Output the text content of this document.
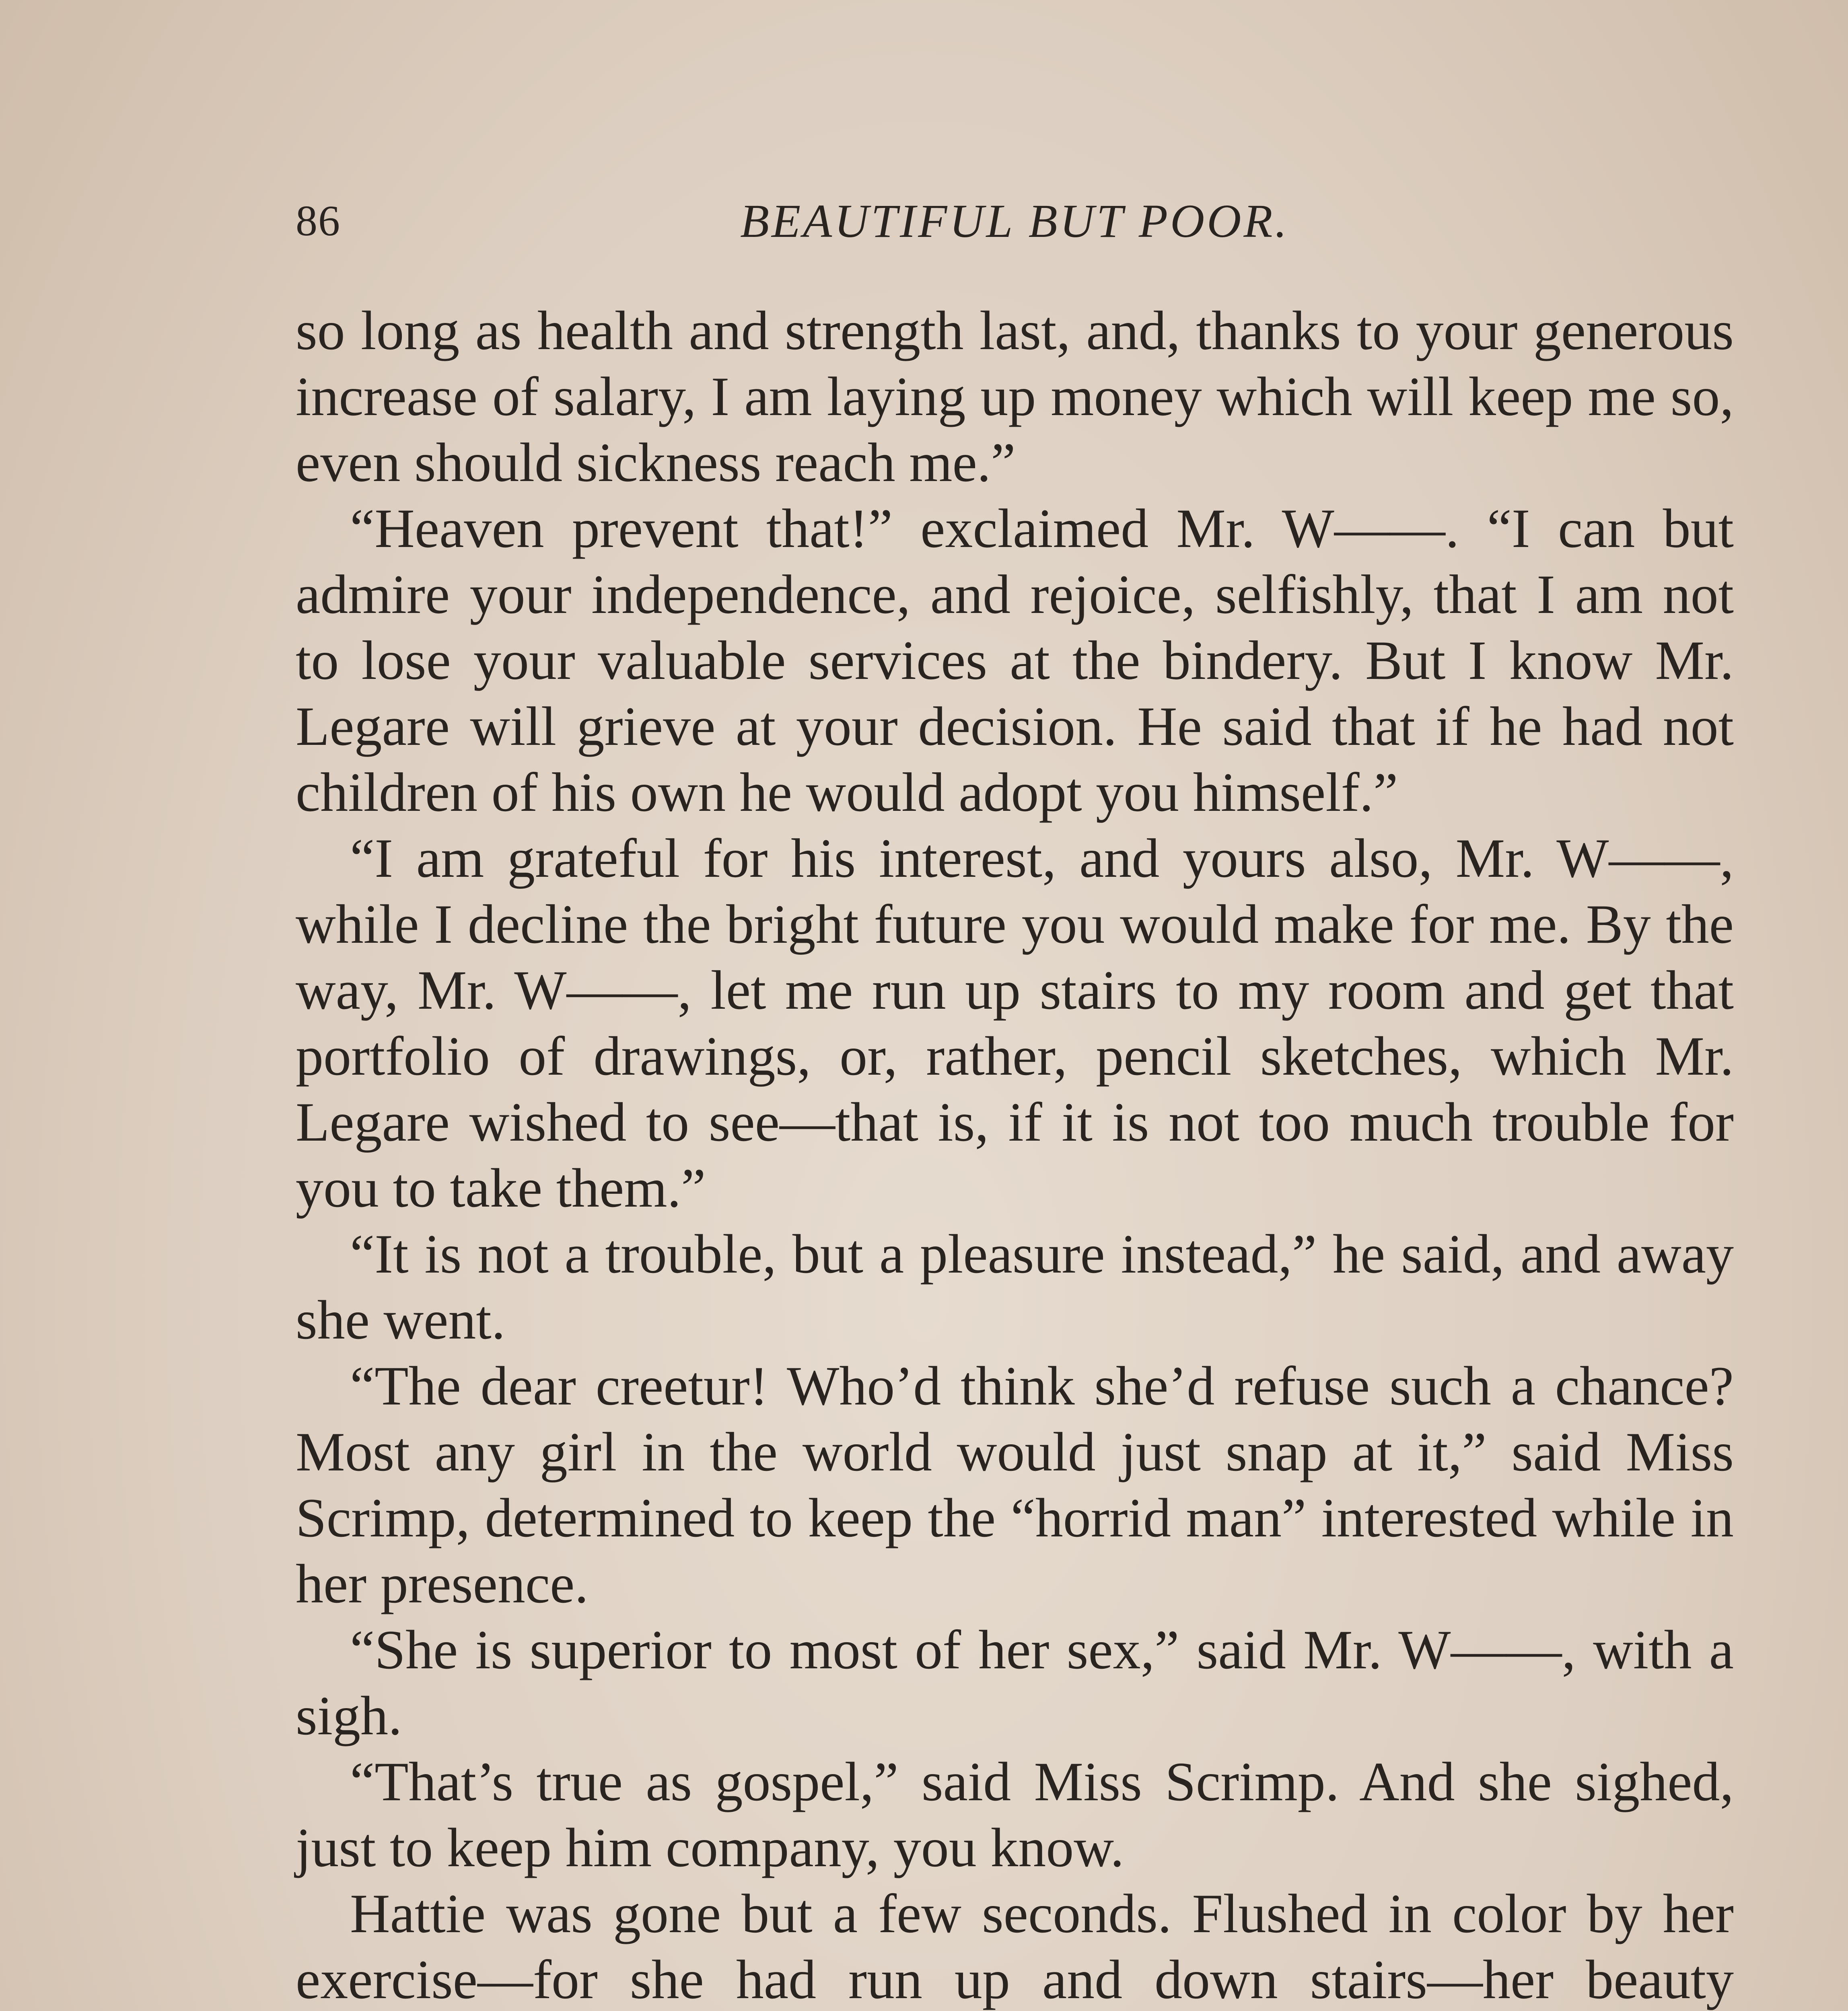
86	BEAUTIFUL BUT POOR.

so long as health and strength last, and, thanks to your generous increase of salary, I am laying up money which will keep me so, even should sickness reach me.”

“Heaven prevent that!” exclaimed Mr. W——. “I can but admire your independence, and rejoice, selfishly, that I am not to lose your valuable services at the bindery. But I know Mr. Legare will grieve at your decision. He said that if he had not children of his own he would adopt you himself.”

“I am grateful for his interest, and yours also, Mr. W——, while I decline the bright future you would make for me. By the way, Mr. W——, let me run up stairs to my room and get that portfolio of drawings, or, rather, pencil sketches, which Mr. Legare wished to see—that is, if it is not too much trouble for you to take them.”

“It is not a trouble, but a pleasure instead,” he said, and away she went.

“The dear creetur! Who’d think she’d refuse such a chance? Most any girl in the world would just snap at it,” said Miss Scrimp, determined to keep the “horrid man” interested while in her presence.

“She is superior to most of her sex,” said Mr. W——, with a sigh.

“That’s true as gospel,” said Miss Scrimp. And she sighed, just to keep him company, you know.

Hattie was gone but a few seconds. Flushed in color by her exercise—for she had run up and down stairs—her beauty
